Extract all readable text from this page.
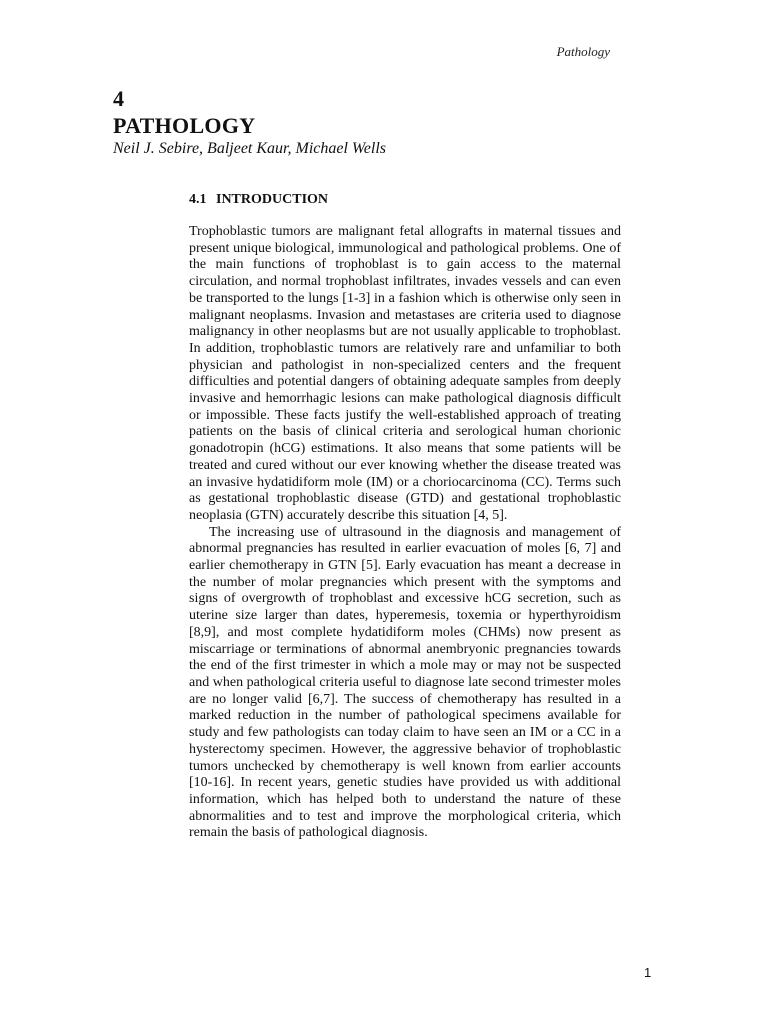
Pathology
4
PATHOLOGY
Neil J. Sebire, Baljeet Kaur, Michael Wells
4.1 INTRODUCTION

Trophoblastic tumors are malignant fetal allografts in maternal tissues and present unique biological, immunological and pathological problems. One of the main functions of trophoblast is to gain access to the maternal circulation, and normal trophoblast infiltrates, invades vessels and can even be transported to the lungs [1-3] in a fashion which is otherwise only seen in malignant neoplasms. Invasion and metastases are criteria used to diagnose malignancy in other neoplasms but are not usually applicable to trophoblast. In addition, trophoblastic tumors are relatively rare and unfamiliar to both physician and pathologist in non-specialized centers and the frequent difficulties and potential dangers of obtaining adequate samples from deeply invasive and hemorrhagic lesions can make pathological diagnosis difficult or impossible. These facts justify the well-established approach of treating patients on the basis of clinical criteria and serological human chorionic gonadotropin (hCG) estimations. It also means that some patients will be treated and cured without our ever knowing whether the disease treated was an invasive hydatidiform mole (IM) or a choriocarcinoma (CC). Terms such as gestational trophoblastic disease (GTD) and gestational trophoblastic neoplasia (GTN) accurately describe this situation [4, 5].

The increasing use of ultrasound in the diagnosis and management of abnormal pregnancies has resulted in earlier evacuation of moles [6, 7] and earlier chemotherapy in GTN [5]. Early evacuation has meant a decrease in the number of molar pregnancies which present with the symptoms and signs of overgrowth of trophoblast and excessive hCG secretion, such as uterine size larger than dates, hyperemesis, toxemia or hyperthyroidism [8,9], and most complete hydatidiform moles (CHMs) now present as miscarriage or terminations of abnormal anembryonic pregnancies towards the end of the first trimester in which a mole may or may not be suspected and when pathological criteria useful to diagnose late second trimester moles are no longer valid [6,7]. The success of chemotherapy has resulted in a marked reduction in the number of pathological specimens available for study and few pathologists can today claim to have seen an IM or a CC in a hysterectomy specimen. However, the aggressive behavior of trophoblastic tumors unchecked by chemotherapy is well known from earlier accounts [10-16]. In recent years, genetic studies have provided us with additional information, which has helped both to understand the nature of these abnormalities and to test and improve the morphological criteria, which remain the basis of pathological diagnosis.

1
